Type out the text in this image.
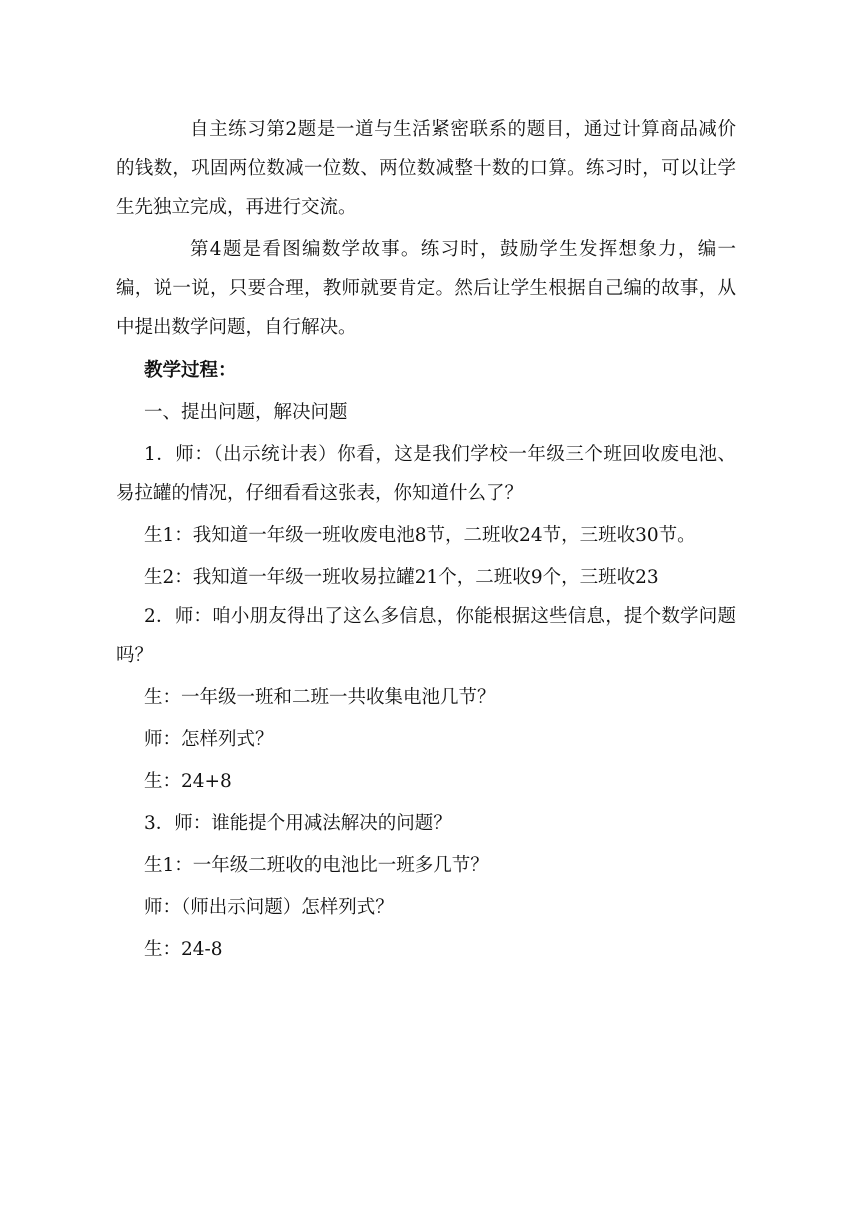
自主练习第2题是一道与生活紧密联系的题目，通过计算商品减价的钱数，巩固两位数减一位数、两位数减整十数的口算。练习时，可以让学生先独立完成，再进行交流。

第4题是看图编数学故事。练习时，鼓励学生发挥想象力，编一编，说一说，只要合理，教师就要肯定。然后让学生根据自己编的故事，从中提出数学问题，自行解决。

教学过程：

一、提出问题，解决问题

1．师：（出示统计表）你看，这是我们学校一年级三个班回收废电池、易拉罐的情况，仔细看看这张表，你知道什么了？

生1：我知道一年级一班收废电池8节，二班收24节，三班收30节。

生2：我知道一年级一班收易拉罐21个，二班收9个，三班收23

2．师：咱小朋友得出了这么多信息，你能根据这些信息，提个数学问题吗？

生：一年级一班和二班一共收集电池几节？

师：怎样列式？

生：24+8

3．师：谁能提个用减法解决的问题？

生1：一年级二班收的电池比一班多几节？

师：（师出示问题）怎样列式？

生：24-8
